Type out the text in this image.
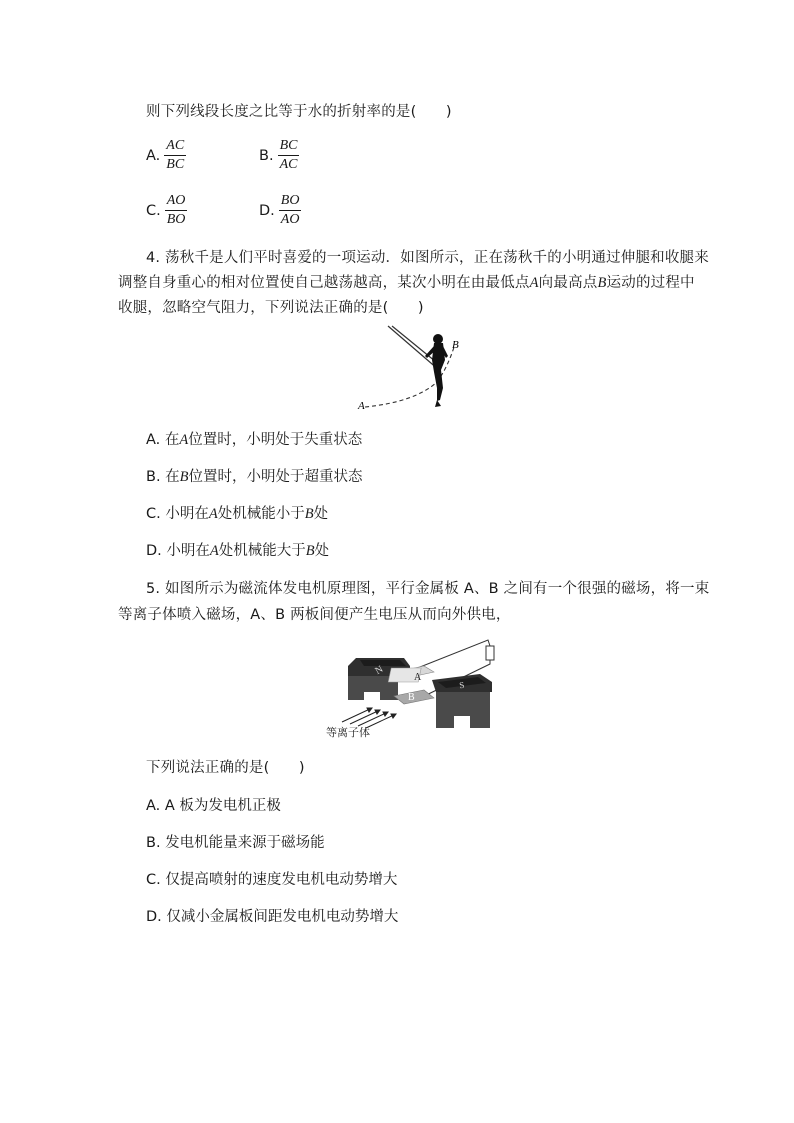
则下列线段长度之比等于水的折射率的是(　　)
A. $\frac{AC}{BC}$	B. $\frac{BC}{AC}$
C. $\frac{AO}{BO}$	D. $\frac{BO}{AO}$
4. 荡秋千是人们平时喜爱的一项运动．如图所示，正在荡秋千的小明通过伸腿和收腿来
调整自身重心的相对位置使自己越荡越高，某次小明在由最低点A向最高点B运动的过程中
收腿，忽略空气阻力，下列说法正确的是(　　)
A
B
A. 在A位置时，小明处于失重状态
B. 在B位置时，小明处于超重状态
C. 小明在A处机械能小于B处
D. 小明在A处机械能大于B处
5. 如图所示为磁流体发电机原理图，平行金属板 A、B 之间有一个很强的磁场，将一束
等离子体喷入磁场，A、B 两板间便产生电压从而向外供电，
N
A
B
S
等离子体
下列说法正确的是(　　)
A. A 板为发电机正极
B. 发电机能量来源于磁场能
C. 仅提高喷射的速度发电机电动势增大
D. 仅减小金属板间距发电机电动势增大
